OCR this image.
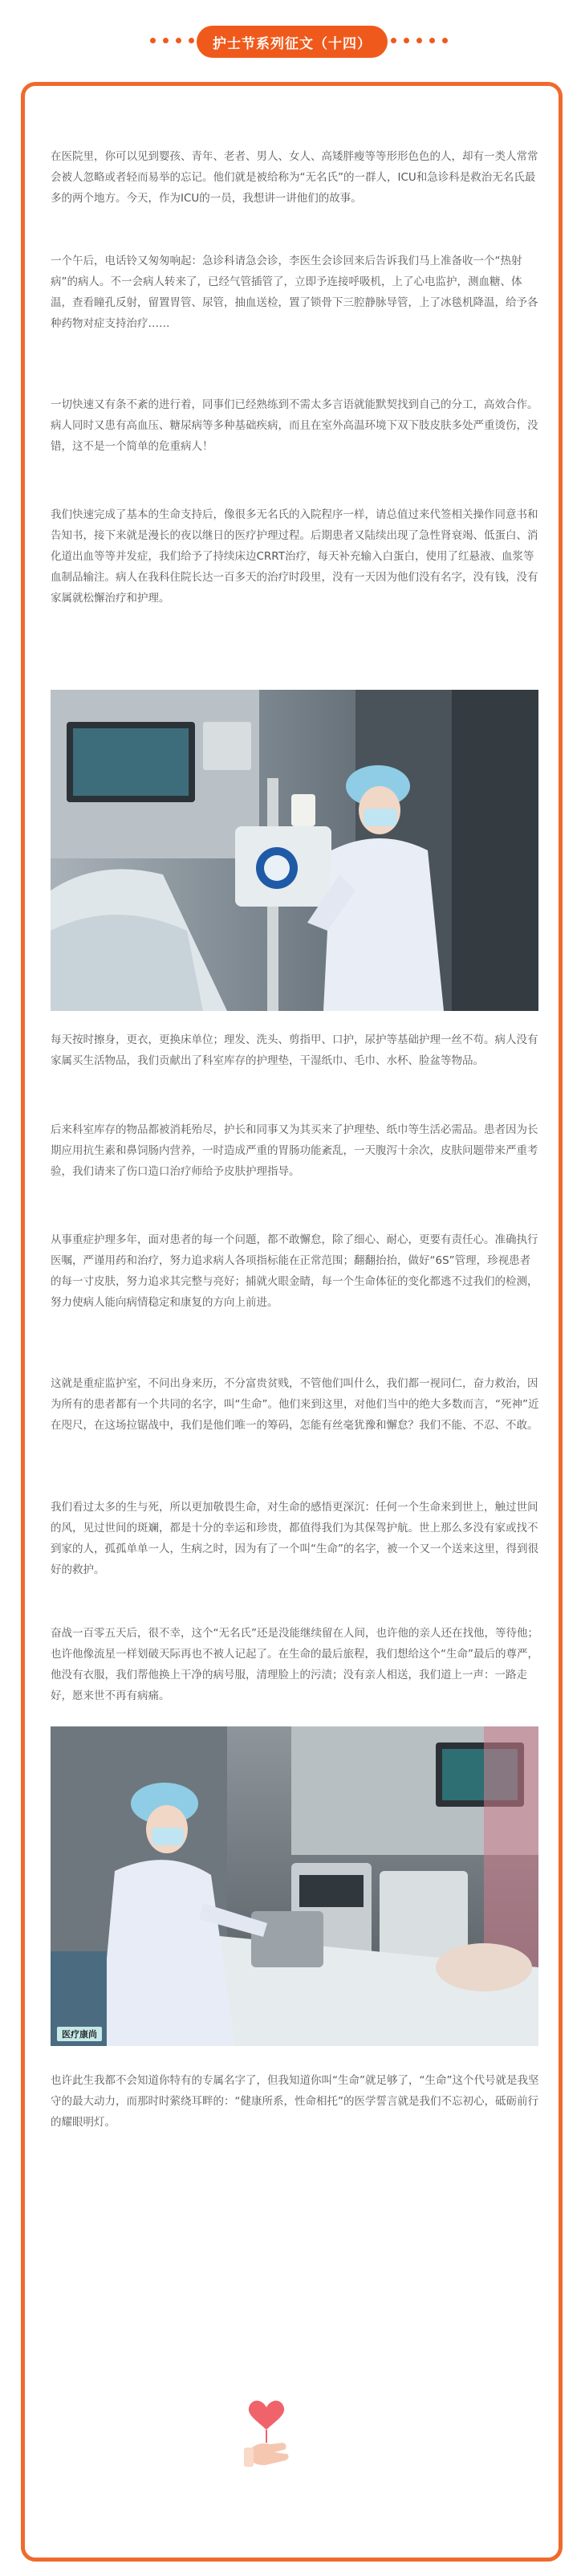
护士节系列征文（十四）

在医院里，你可以见到婴孩、青年、老者、男人、女人、高矮胖瘦等等形形色色的人，却有一类人常常会被人忽略或者轻而易举的忘记。他们就是被给称为“无名氏”的一群人，ICU和急诊科是救治无名氏最多的两个地方。今天，作为ICU的一员，我想讲一讲他们的故事。

一个午后，电话铃又匆匆响起：急诊科请急会诊，李医生会诊回来后告诉我们马上准备收一个“热射病”的病人。不一会病人转来了，已经气管插管了，立即予连接呼吸机，上了心电监护，测血糖、体温，查看瞳孔反射，留置胃管、尿管，抽血送检，置了锁骨下三腔静脉导管，上了冰毯机降温，给予各种药物对症支持治疗……

一切快速又有条不紊的进行着，同事们已经熟练到不需太多言语就能默契找到自己的分工，高效合作。病人同时又患有高血压、糖尿病等多种基础疾病，而且在室外高温环境下双下肢皮肤多处严重烫伤，没错，这不是一个简单的危重病人！

我们快速完成了基本的生命支持后，像很多无名氏的入院程序一样，请总值过来代签相关操作同意书和告知书，接下来就是漫长的夜以继日的医疗护理过程。后期患者又陆续出现了急性肾衰竭、低蛋白、消化道出血等等并发症，我们给予了持续床边CRRT治疗，每天补充输入白蛋白，使用了红悬液、血浆等血制品输注。病人在我科住院长达一百多天的治疗时段里，没有一天因为他们没有名字，没有钱，没有家属就松懈治疗和护理。

每天按时擦身，更衣，更换床单位；理发、洗头、剪指甲、口护，尿护等基础护理一丝不苟。病人没有家属买生活物品，我们贡献出了科室库存的护理垫，干湿纸巾、毛巾、水杯、脸盆等物品。

后来科室库存的物品都被消耗殆尽，护长和同事又为其买来了护理垫、纸巾等生活必需品。患者因为长期应用抗生素和鼻饲肠内营养，一时造成严重的胃肠功能紊乱，一天腹泻十余次，皮肤问题带来严重考验，我们请来了伤口造口治疗师给予皮肤护理指导。

从事重症护理多年，面对患者的每一个问题，都不敢懈怠，除了细心、耐心，更要有责任心。准确执行医嘱，严谨用药和治疗，努力追求病人各项指标能在正常范围；翻翻抬抬，做好“6S”管理，珍视患者的每一寸皮肤，努力追求其完整与亮好；捕就火眼金睛，每一个生命体征的变化都逃不过我们的检测，努力使病人能向病情稳定和康复的方向上前进。

这就是重症监护室，不问出身来历，不分富贵贫贱，不管他们叫什么，我们都一视同仁，奋力救治，因为所有的患者都有一个共同的名字，叫“生命”。他们来到这里，对他们当中的绝大多数而言，“死神”近在咫尺，在这场拉锯战中，我们是他们唯一的筹码，怎能有丝毫犹豫和懈怠？我们不能、不忍、不敢。

我们看过太多的生与死，所以更加敬畏生命，对生命的感悟更深沉：任何一个生命来到世上，触过世间的风，见过世间的斑斓，都是十分的幸运和珍贵，都值得我们为其保驾护航。世上那么多没有家或找不到家的人，孤孤单单一人，生病之时，因为有了一个叫“生命”的名字，被一个又一个送来这里，得到很好的救护。

奋战一百零五天后，很不幸，这个“无名氏”还是没能继续留在人间，也许他的亲人还在找他，等待他；也许他像流星一样划破天际再也不被人记起了。在生命的最后旅程，我们想给这个“生命”最后的尊严，他没有衣服，我们帮他换上干净的病号服，清理脸上的污渍；没有亲人相送，我们道上一声：一路走好，愿来世不再有病痛。

医疗康尚

也许此生我都不会知道你特有的专属名字了，但我知道你叫“生命”就足够了，“生命”这个代号就是我坚守的最大动力，而那时时萦绕耳畔的：“健康所系，性命相托”的医学誓言就是我们不忘初心，砥砺前行的耀眼明灯。
